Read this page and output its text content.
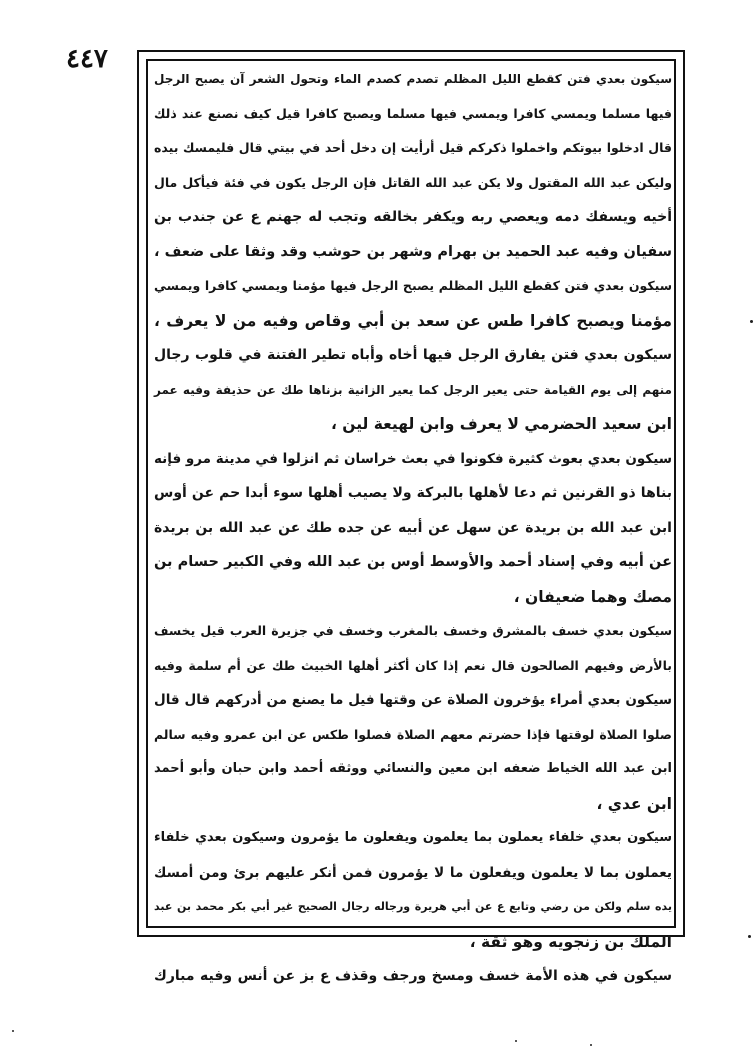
٤٤٧
سيكون بعدي فتن كقطع الليل المظلم تصدم كصدم الماء وتحول الشعر آن يصبح الرجل
فيها مسلما ويمسي كافرا ويمسي فيها مسلما ويصبح كافرا قيل كيف نصنع عند ذلك
قال ادخلوا بيوتكم واخملوا ذكركم قيل أرأيت إن دخل أحد في بيتي قال فليمسك بيده
وليكن عبد الله المقتول ولا يكن عبد الله القاتل فإن الرجل يكون في فئة فيأكل مال
أخيه ويسفك دمه ويعصي ربه ويكفر بخالقه وتجب له جهنم ع عن جندب بن
سفيان وفيه عبد الحميد بن بهرام وشهر بن حوشب وقد وثقا على ضعف ،
سيكون بعدي فتن كقطع الليل المظلم يصبح الرجل فيها مؤمنا ويمسي كافرا ويمسي
مؤمنا ويصبح كافرا طس عن سعد بن أبي وقاص وفيه من لا يعرف ،
سيكون بعدي فتن يفارق الرجل فيها أخاه وأباه تطير الفتنة في قلوب رجال
منهم إلى يوم القيامة حتى يعير الرجل كما يعير الزانية بزناها طك عن حذيفة وفيه عمر
ابن سعيد الحضرمي لا يعرف وابن لهيعة لين ،
سيكون بعدي بعوث كثيرة فكونوا في بعث خراسان ثم انزلوا في مدينة مرو فإنه
بناها ذو القرنين ثم دعا لأهلها بالبركة ولا يصيب أهلها سوء أبدا حم عن أوس
ابن عبد الله بن بريدة عن سهل عن أبيه عن جده طك عن عبد الله بن بريدة
عن أبيه وفي إسناد أحمد والأوسط أوس بن عبد الله وفي الكبير حسام بن
مصك وهما ضعيفان ،
سيكون بعدي خسف بالمشرق وخسف بالمغرب وخسف في جزيرة العرب قيل يخسف
بالأرض وفيهم الصالحون قال نعم إذا كان أكثر أهلها الخبيث طك عن أم سلمة وفيه
سيكون بعدي أمراء يؤخرون الصلاة عن وقتها فيل ما يصنع من أدركهم قال قال
صلوا الصلاة لوقتها فإذا حضرتم معهم الصلاة فصلوا طكس عن ابن عمرو وفيه سالم
ابن عبد الله الخياط ضعفه ابن معين والنسائي ووثقه أحمد وابن حبان وأبو أحمد
ابن عدي ،
سيكون بعدي خلفاء يعملون بما يعلمون ويفعلون ما يؤمرون وسيكون بعدي خلفاء
يعملون بما لا يعلمون ويفعلون ما لا يؤمرون فمن أنكر عليهم برئ ومن أمسك
يده سلم ولكن من رضي وتابع ع عن أبي هريرة ورجاله رجال الصحيح غير أبي بكر محمد بن عبد
الملك بن زنجويه وهو ثقة ،
سيكون في هذه الأمة خسف ومسخ ورجف وقذف ع بز عن أنس وفيه مبارك
